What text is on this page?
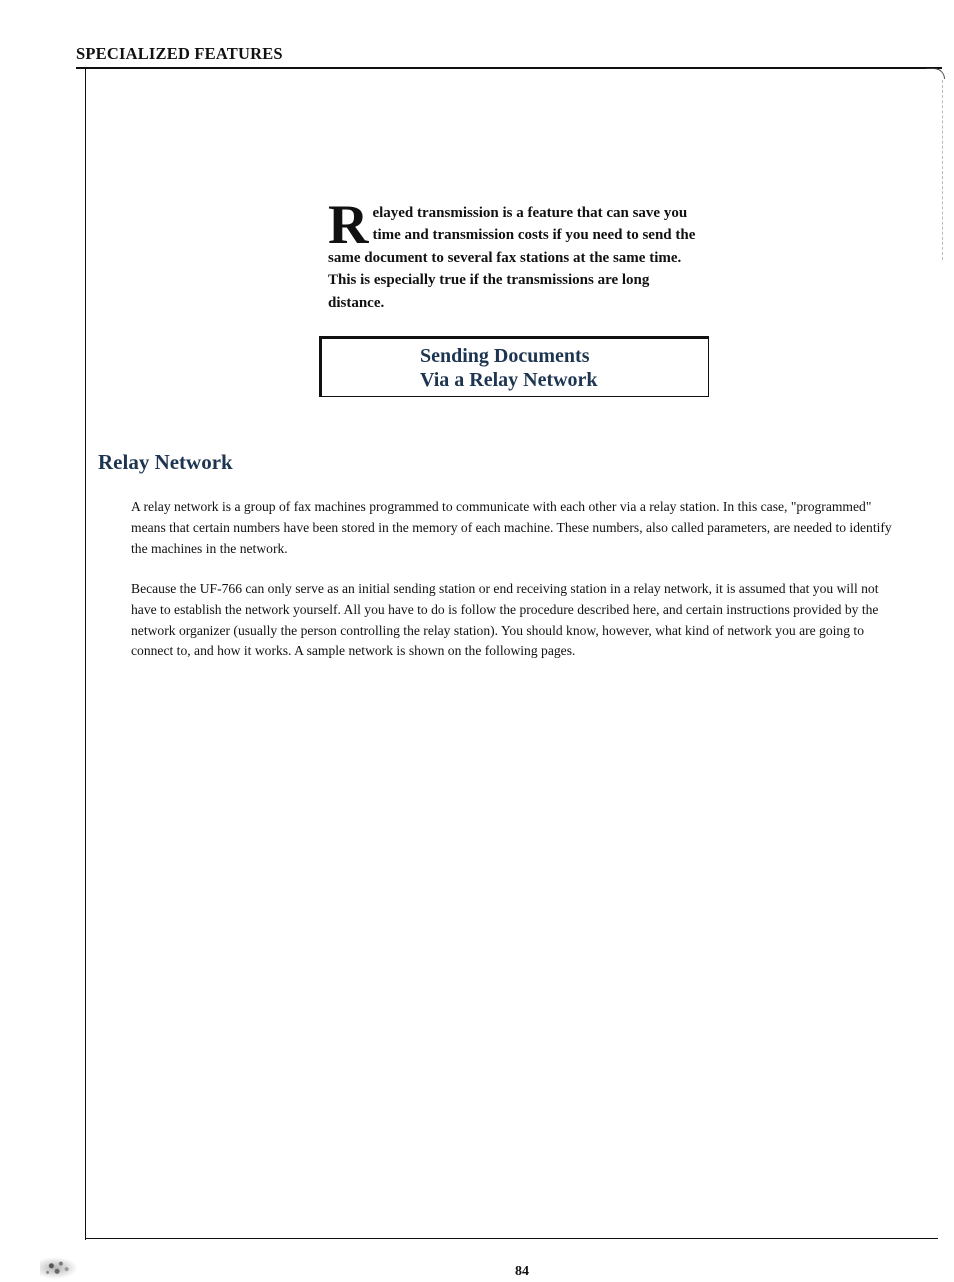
SPECIALIZED FEATURES

Relayed transmission is a feature that can save you time and transmission costs if you need to send the same document to several fax stations at the same time. This is especially true if the transmissions are long distance.

Sending Documents

Via a Relay Network

Relay Network

A relay network is a group of fax machines programmed to communicate with each other via a relay station. In this case, "programmed" means that certain numbers have been stored in the memory of each machine. These numbers, also called parameters, are needed to identify the machines in the network.

Because the UF-766 can only serve as an initial sending station or end receiving station in a relay network, it is assumed that you will not have to establish the network yourself. All you have to do is follow the procedure described here, and certain instructions provided by the network organizer (usually the person controlling the relay station). You should know, however, what kind of network you are going to connect to, and how it works. A sample network is shown on the following pages.

84
